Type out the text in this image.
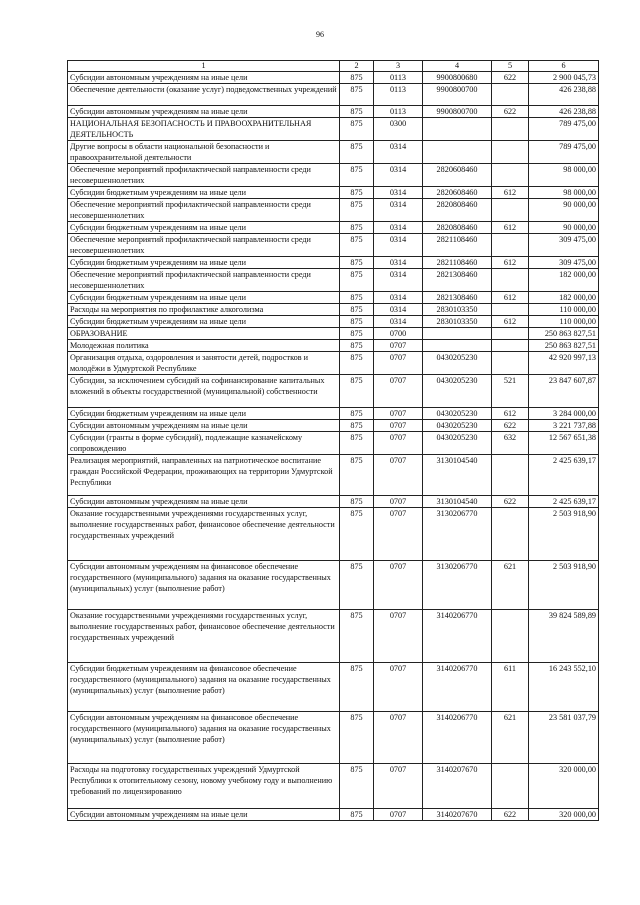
96
1	2	3	4	5	6
Субсидии автономным учреждениям на иные цели	875	0113	9900800680	622	2 900 045,73
Обеспечение деятельности (оказание услуг) подведомственных учреждений	875	0113	9900800700		426 238,88
Субсидии автономным учреждениям на иные цели	875	0113	9900800700	622	426 238,88
НАЦИОНАЛЬНАЯ БЕЗОПАСНОСТЬ И ПРАВООХРАНИТЕЛЬНАЯ ДЕЯТЕЛЬНОСТЬ	875	0300			789 475,00
Другие вопросы в области национальной безопасности и правоохранительной деятельности	875	0314			789 475,00
Обеспечение мероприятий профилактической направленности среди несовершеннолетних	875	0314	2820608460		98 000,00
Субсидии бюджетным учреждениям на иные цели	875	0314	2820608460	612	98 000,00
Обеспечение мероприятий профилактической направленности среди несовершеннолетних	875	0314	2820808460		90 000,00
Субсидии бюджетным учреждениям на иные цели	875	0314	2820808460	612	90 000,00
Обеспечение мероприятий профилактической направленности среди несовершеннолетних	875	0314	2821108460		309 475,00
Субсидии бюджетным учреждениям на иные цели	875	0314	2821108460	612	309 475,00
Обеспечение мероприятий профилактической направленности среди несовершеннолетних	875	0314	2821308460		182 000,00
Субсидии бюджетным учреждениям на иные цели	875	0314	2821308460	612	182 000,00
Расходы на мероприятия по профилактике алкоголизма	875	0314	2830103350		110 000,00
Субсидии бюджетным учреждениям на иные цели	875	0314	2830103350	612	110 000,00
ОБРАЗОВАНИЕ	875	0700			250 863 827,51
Молодежная политика	875	0707			250 863 827,51
Организация отдыха, оздоровления и занятости детей, подростков и молодёжи в Удмуртской Республике	875	0707	0430205230		42 920 997,13
Субсидии, за исключением субсидий на софинансирование капитальных вложений в объекты государственной (муниципальной) собственности	875	0707	0430205230	521	23 847 607,87
Субсидии бюджетным учреждениям на иные цели	875	0707	0430205230	612	3 284 000,00
Субсидии автономным учреждениям на иные цели	875	0707	0430205230	622	3 221 737,88
Субсидии (гранты в форме субсидий), подлежащие казначейскому сопровождению	875	0707	0430205230	632	12 567 651,38
Реализация мероприятий, направленных на патриотическое воспитание граждан Российской Федерации, проживающих на территории Удмуртской Республики	875	0707	3130104540		2 425 639,17
Субсидии автономным учреждениям на иные цели	875	0707	3130104540	622	2 425 639,17
Оказание государственными учреждениями государственных услуг, выполнение государственных работ, финансовое обеспечение деятельности государственных учреждений	875	0707	3130206770		2 503 918,90
Субсидии автономным учреждениям на финансовое обеспечение государственного (муниципального) задания на оказание государственных (муниципальных) услуг (выполнение работ)	875	0707	3130206770	621	2 503 918,90
Оказание государственными учреждениями государственных услуг, выполнение государственных работ, финансовое обеспечение деятельности государственных учреждений	875	0707	3140206770		39 824 589,89
Субсидии бюджетным учреждениям на финансовое обеспечение государственного (муниципального) задания на оказание государственных (муниципальных) услуг (выполнение работ)	875	0707	3140206770	611	16 243 552,10
Субсидии автономным учреждениям на финансовое обеспечение государственного (муниципального) задания на оказание государственных (муниципальных) услуг (выполнение работ)	875	0707	3140206770	621	23 581 037,79
Расходы на подготовку государственных учреждений Удмуртской Республики к отопительному сезону, новому учебному году и выполнению требований по лицензированию	875	0707	3140207670		320 000,00
Субсидии автономным учреждениям на иные цели	875	0707	3140207670	622	320 000,00
